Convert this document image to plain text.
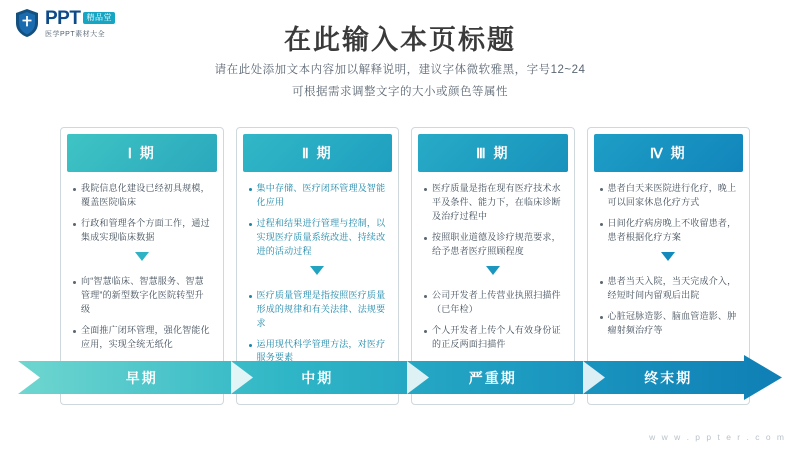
PPT 精品堂
医学PPT素材大全	在此输入本页标题
请在此处添加文本内容加以解释说明，建议字体微软雅黑，字号12~24
可根据需求调整文字的大小或颜色等属性
Ⅰ 期
我院信息化建设已经初具规模，覆盖医院临床
行政和管理各个方面工作，通过集成实现临床数据
向“智慧临床、智慧服务、智慧管理”的新型数字化医院转型升级
全面推广闭环管理，强化智能化应用，实现全统无纸化
Ⅱ 期
集中存储、医疗闭环管理及智能化应用
过程和结果进行管理与控制，以实现医疗质量系统改进、持续改进的活动过程
医疗质量管理是指按照医疗质量形成的规律和有关法律、法规要求
运用现代科学管理方法，对医疗服务要素
Ⅲ 期
医疗质量是指在现有医疗技术水平及条件、能力下，在临床诊断及治疗过程中
按照职业道德及诊疗规范要求，给予患者医疗照顾程度
公司开发者上传营业执照扫描件（已年检）
个人开发者上传个人有效身份证的正反两面扫描件
Ⅳ 期
患者白天来医院进行化疗，晚上可以回家休息化疗方式
日间化疗病房晚上不收留患者，患者根据化疗方案
患者当天入院，当天完成介入，经短时间内留观后出院
心脏冠脉造影、脑血管造影、肿瘤射频治疗等
早期	中期	严重期	终末期
w w w . p p t e r . c o m
